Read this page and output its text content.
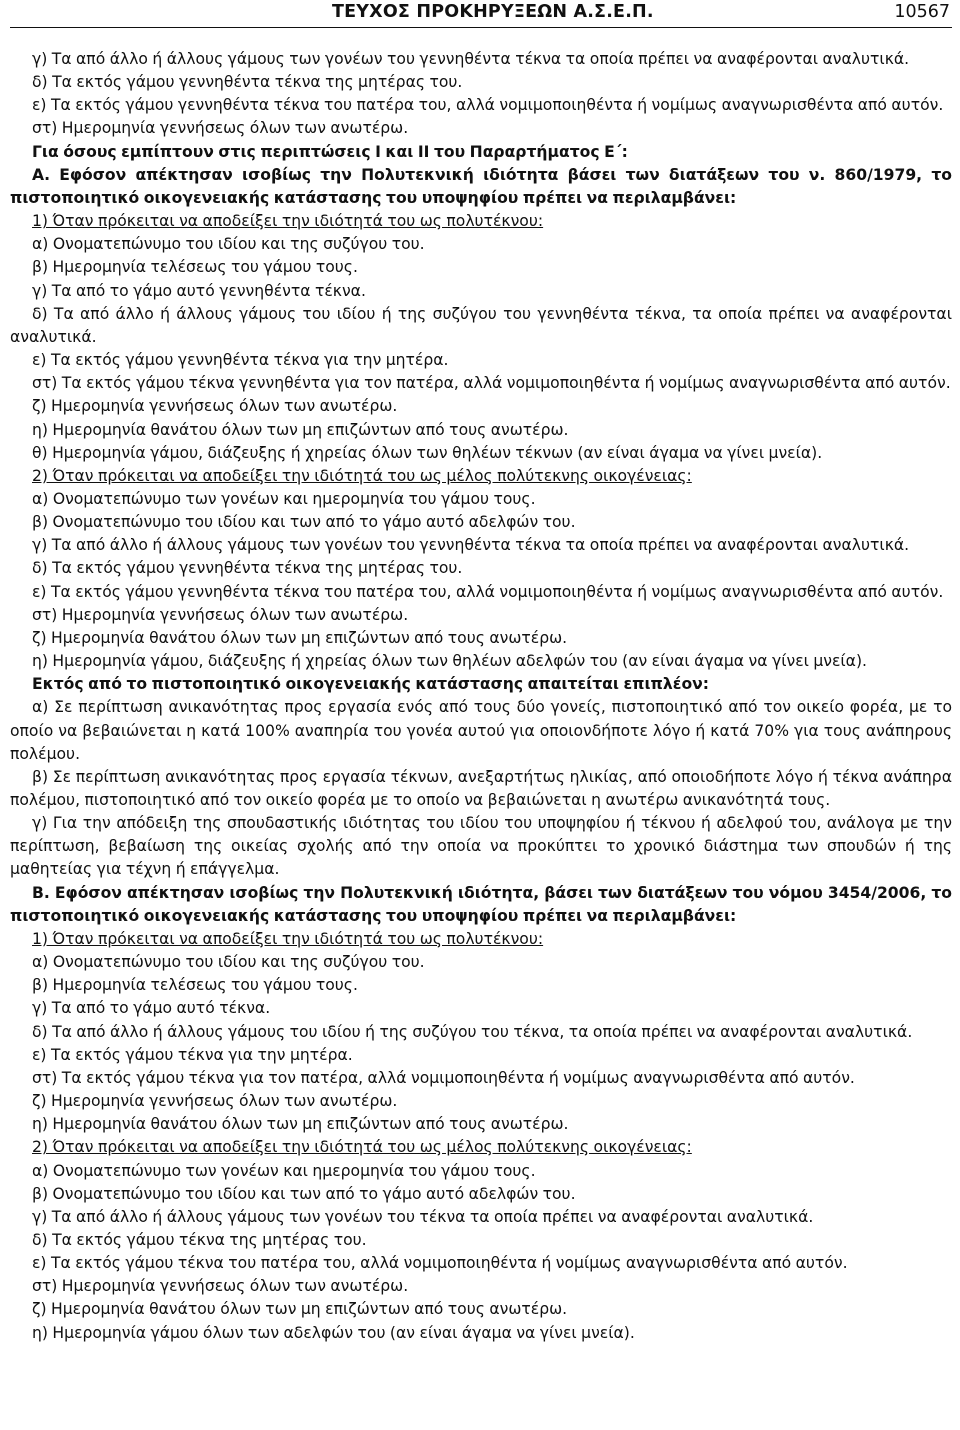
ΤΕΥΧΟΣ ΠΡΟΚΗΡΥΞΕΩΝ Α.Σ.Ε.Π.	10567

γ) Τα από άλλο ή άλλους γάμους των γονέων του γεννηθέντα τέκνα τα οποία πρέπει να αναφέρονται αναλυτικά.

δ) Τα εκτός γάμου γεννηθέντα τέκνα της μητέρας του.

ε) Τα εκτός γάμου γεννηθέντα τέκνα του πατέρα του, αλλά νομιμοποιηθέντα ή νομίμως αναγνωρισθέντα από αυτόν.

στ) Ημερομηνία γεννήσεως όλων των ανωτέρω.

Για όσους εμπίπτουν στις περιπτώσεις I και II του Παραρτήματος Ε΄:

Α. Εφόσον απέκτησαν ισοβίως την Πολυτεκνική ιδιότητα βάσει των διατάξεων του ν. 860/1979, το πιστοποιητικό οικογενειακής κατάστασης του υποψηφίου πρέπει να περιλαμβάνει:

1) Όταν πρόκειται να αποδείξει την ιδιότητά του ως πολυτέκνου:

α) Ονοματεπώνυμο του ιδίου και της συζύγου του.

β) Ημερομηνία τελέσεως του γάμου τους.

γ) Τα από το γάμο αυτό γεννηθέντα τέκνα.

δ) Τα από άλλο ή άλλους γάμους του ιδίου ή της συζύγου του γεννηθέντα τέκνα, τα οποία πρέπει να αναφέρονται αναλυτικά.

ε) Τα εκτός γάμου γεννηθέντα τέκνα για την μητέρα.

στ) Τα εκτός γάμου τέκνα γεννηθέντα για τον πατέρα, αλλά νομιμοποιηθέντα ή νομίμως αναγνωρισθέντα από αυτόν.

ζ) Ημερομηνία γεννήσεως όλων των ανωτέρω.

η) Ημερομηνία θανάτου όλων των μη επιζώντων από τους ανωτέρω.

θ) Ημερομηνία γάμου, διάζευξης ή χηρείας όλων των θηλέων τέκνων (αν είναι άγαμα να γίνει μνεία).

2) Όταν πρόκειται να αποδείξει την ιδιότητά του ως μέλος πολύτεκνης οικογένειας:

α) Ονοματεπώνυμο των γονέων και ημερομηνία του γάμου τους.

β) Ονοματεπώνυμο του ιδίου και των από το γάμο αυτό αδελφών του.

γ) Τα από άλλο ή άλλους γάμους των γονέων του γεννηθέντα τέκνα τα οποία πρέπει να αναφέρονται αναλυτικά.

δ) Τα εκτός γάμου γεννηθέντα τέκνα της μητέρας του.

ε) Τα εκτός γάμου γεννηθέντα τέκνα του πατέρα του, αλλά νομιμοποιηθέντα ή νομίμως αναγνωρισθέντα από αυτόν.

στ) Ημερομηνία γεννήσεως όλων των ανωτέρω.

ζ) Ημερομηνία θανάτου όλων των μη επιζώντων από τους ανωτέρω.

η) Ημερομηνία γάμου, διάζευξης ή χηρείας όλων των θηλέων αδελφών του (αν είναι άγαμα να γίνει μνεία).

Εκτός από το πιστοποιητικό οικογενειακής κατάστασης απαιτείται επιπλέον:

α) Σε περίπτωση ανικανότητας προς εργασία ενός από τους δύο γονείς, πιστοποιητικό από τον οικείο φορέα, με το οποίο να βεβαιώνεται η κατά 100% αναπηρία του γονέα αυτού για οποιονδήποτε λόγο ή κατά 70% για τους ανάπηρους πολέμου.

β) Σε περίπτωση ανικανότητας προς εργασία τέκνων, ανεξαρτήτως ηλικίας, από οποιοδήποτε λόγο ή τέκνα ανάπηρα πολέμου, πιστοποιητικό από τον οικείο φορέα με το οποίο να βεβαιώνεται η ανωτέρω ανικανότητά τους.

γ) Για την απόδειξη της σπουδαστικής ιδιότητας του ιδίου του υποψηφίου ή τέκνου ή αδελφού του, ανάλογα με την περίπτωση, βεβαίωση της οικείας σχολής από την οποία να προκύπτει το χρονικό διάστημα των σπουδών ή της μαθητείας για τέχνη ή επάγγελμα.

Β. Εφόσον απέκτησαν ισοβίως την Πολυτεκνική ιδιότητα, βάσει των διατάξεων του νόμου 3454/2006, το πιστοποιητικό οικογενειακής κατάστασης του υποψηφίου πρέπει να περιλαμβάνει:

1) Όταν πρόκειται να αποδείξει την ιδιότητά του ως πολυτέκνου:

α) Ονοματεπώνυμο του ιδίου και της συζύγου του.

β) Ημερομηνία τελέσεως του γάμου τους.

γ) Τα από το γάμο αυτό τέκνα.

δ) Τα από άλλο ή άλλους γάμους του ιδίου ή της συζύγου του τέκνα, τα οποία πρέπει να αναφέρονται αναλυτικά.

ε) Τα εκτός γάμου τέκνα για την μητέρα.

στ) Τα εκτός γάμου τέκνα για τον πατέρα, αλλά νομιμοποιηθέντα ή νομίμως αναγνωρισθέντα από αυτόν.

ζ) Ημερομηνία γεννήσεως όλων των ανωτέρω.

η) Ημερομηνία θανάτου όλων των μη επιζώντων από τους ανωτέρω.

2) Όταν πρόκειται να αποδείξει την ιδιότητά του ως μέλος πολύτεκνης οικογένειας:

α) Ονοματεπώνυμο των γονέων και ημερομηνία του γάμου τους.

β) Ονοματεπώνυμο του ιδίου και των από το γάμο αυτό αδελφών του.

γ) Τα από άλλο ή άλλους γάμους των γονέων του τέκνα τα οποία πρέπει να αναφέρονται αναλυτικά.

δ) Τα εκτός γάμου τέκνα της μητέρας του.

ε) Τα εκτός γάμου τέκνα του πατέρα του, αλλά νομιμοποιηθέντα ή νομίμως αναγνωρισθέντα από αυτόν.

στ) Ημερομηνία γεννήσεως όλων των ανωτέρω.

ζ) Ημερομηνία θανάτου όλων των μη επιζώντων από τους ανωτέρω.

η) Ημερομηνία γάμου όλων των αδελφών του (αν είναι άγαμα να γίνει μνεία).
